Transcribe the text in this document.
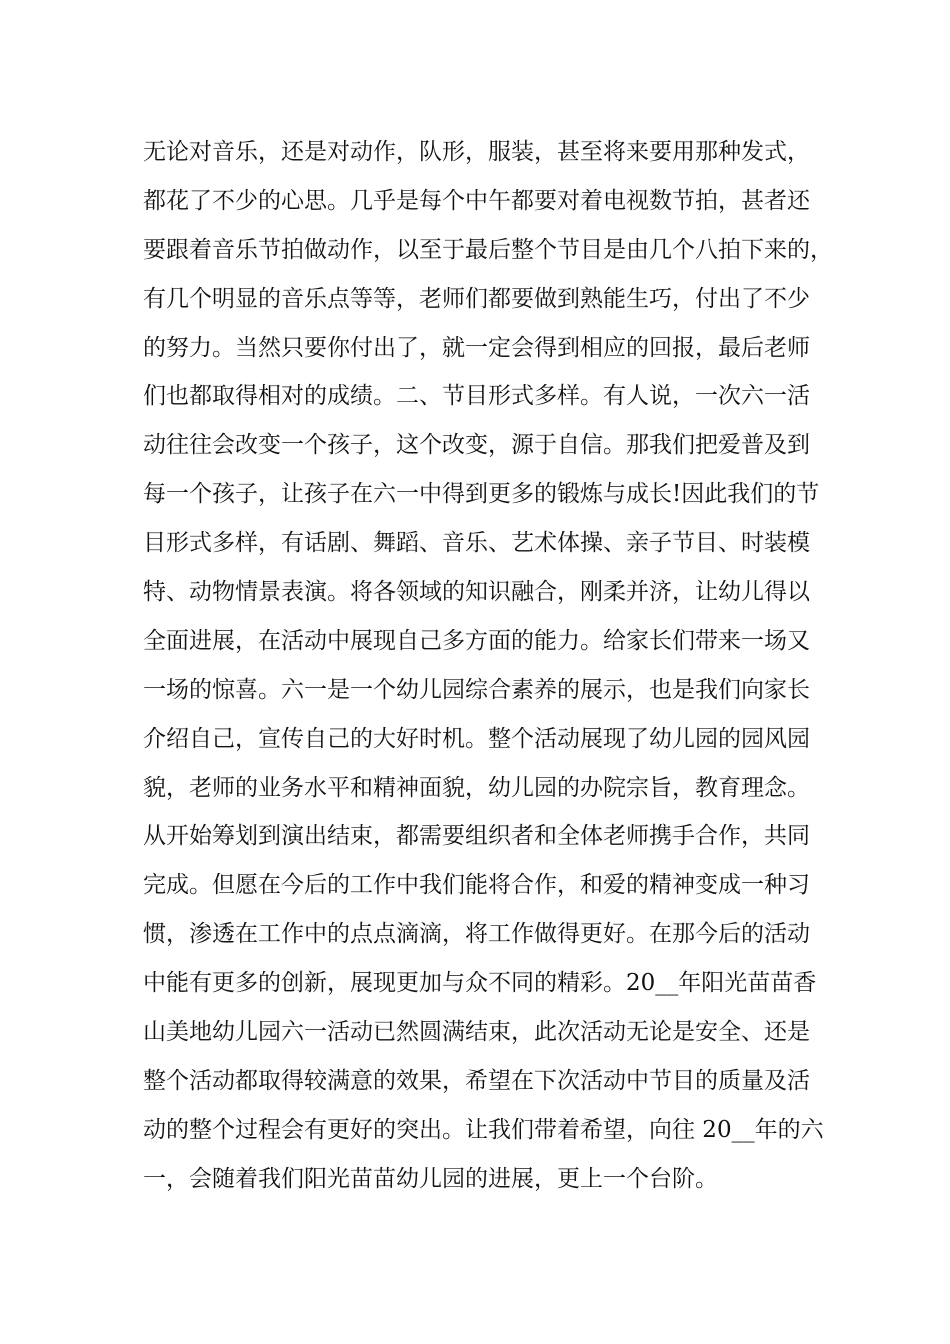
无论对音乐，还是对动作，队形，服装，甚至将来要用那种发式，
都花了不少的心思。几乎是每个中午都要对着电视数节拍，甚者还
要跟着音乐节拍做动作，以至于最后整个节目是由几个八拍下来的，
有几个明显的音乐点等等，老师们都要做到熟能生巧，付出了不少
的努力。当然只要你付出了，就一定会得到相应的回报，最后老师
们也都取得相对的成绩。二、节目形式多样。有人说，一次六一活
动往往会改变一个孩子，这个改变，源于自信。那我们把爱普及到
每一个孩子，让孩子在六一中得到更多的锻炼与成长!因此我们的节
目形式多样，有话剧、舞蹈、音乐、艺术体操、亲子节目、时装模
特、动物情景表演。将各领域的知识融合，刚柔并济，让幼儿得以
全面进展，在活动中展现自己多方面的能力。给家长们带来一场又
一场的惊喜。六一是一个幼儿园综合素养的展示，也是我们向家长
介绍自己，宣传自己的大好时机。整个活动展现了幼儿园的园风园
貌，老师的业务水平和精神面貌，幼儿园的办院宗旨，教育理念。
从开始筹划到演出结束，都需要组织者和全体老师携手合作，共同
完成。但愿在今后的工作中我们能将合作，和爱的精神变成一种习
惯，渗透在工作中的点点滴滴，将工作做得更好。在那今后的活动
中能有更多的创新，展现更加与众不同的精彩。20__年阳光苗苗香
山美地幼儿园六一活动已然圆满结束，此次活动无论是安全、还是
整个活动都取得较满意的效果，希望在下次活动中节目的质量及活
动的整个过程会有更好的突出。让我们带着希望，向往 20__年的六
一，会随着我们阳光苗苗幼儿园的进展，更上一个台阶。
